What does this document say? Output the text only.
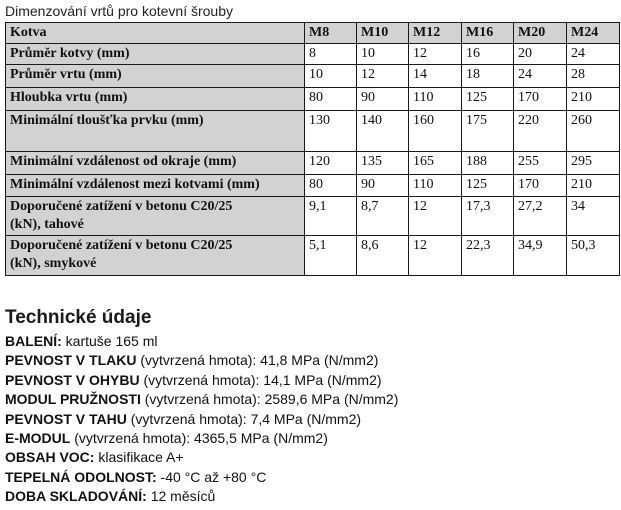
Dimenzování vrtů pro kotevní šrouby
Kotva	M8	M10	M12	M16	M20	M24
Průměr kotvy (mm)	8	10	12	16	20	24
Průměr vrtu (mm)	10	12	14	18	24	28
Hloubka vrtu (mm)	80	90	110	125	170	210
Minimální tloušťka prvku (mm)	130	140	160	175	220	260
Minimální vzdálenost od okraje (mm)	120	135	165	188	255	295
Minimální vzdálenost mezi kotvami (mm)	80	90	110	125	170	210

Doporučené zatížení v betonu C20/25
(kN), tahové	9,1	8,7	12	17,3	27,2	34

Doporučené zatížení v betonu C20/25
(kN), smykové	5,1	8,6	12	22,3	34,9	50,3
Technické údaje
BALENÍ: kartuše 165 ml
PEVNOST V TLAKU (vytvrzená hmota): 41,8 MPa (N/mm2)
PEVNOST V OHYBU (vytvrzená hmota): 14,1 MPa (N/mm2)
MODUL PRUŽNOSTI (vytvrzená hmota): 2589,6 MPa (N/mm2)
PEVNOST V TAHU (vytvrzená hmota): 7,4 MPa (N/mm2)
E-MODUL (vytvrzená hmota): 4365,5 MPa (N/mm2)
OBSAH VOC: klasifikace A+
TEPELNÁ ODOLNOST: -40 °C až +80 °C
DOBA SKLADOVÁNÍ: 12 měsíců
